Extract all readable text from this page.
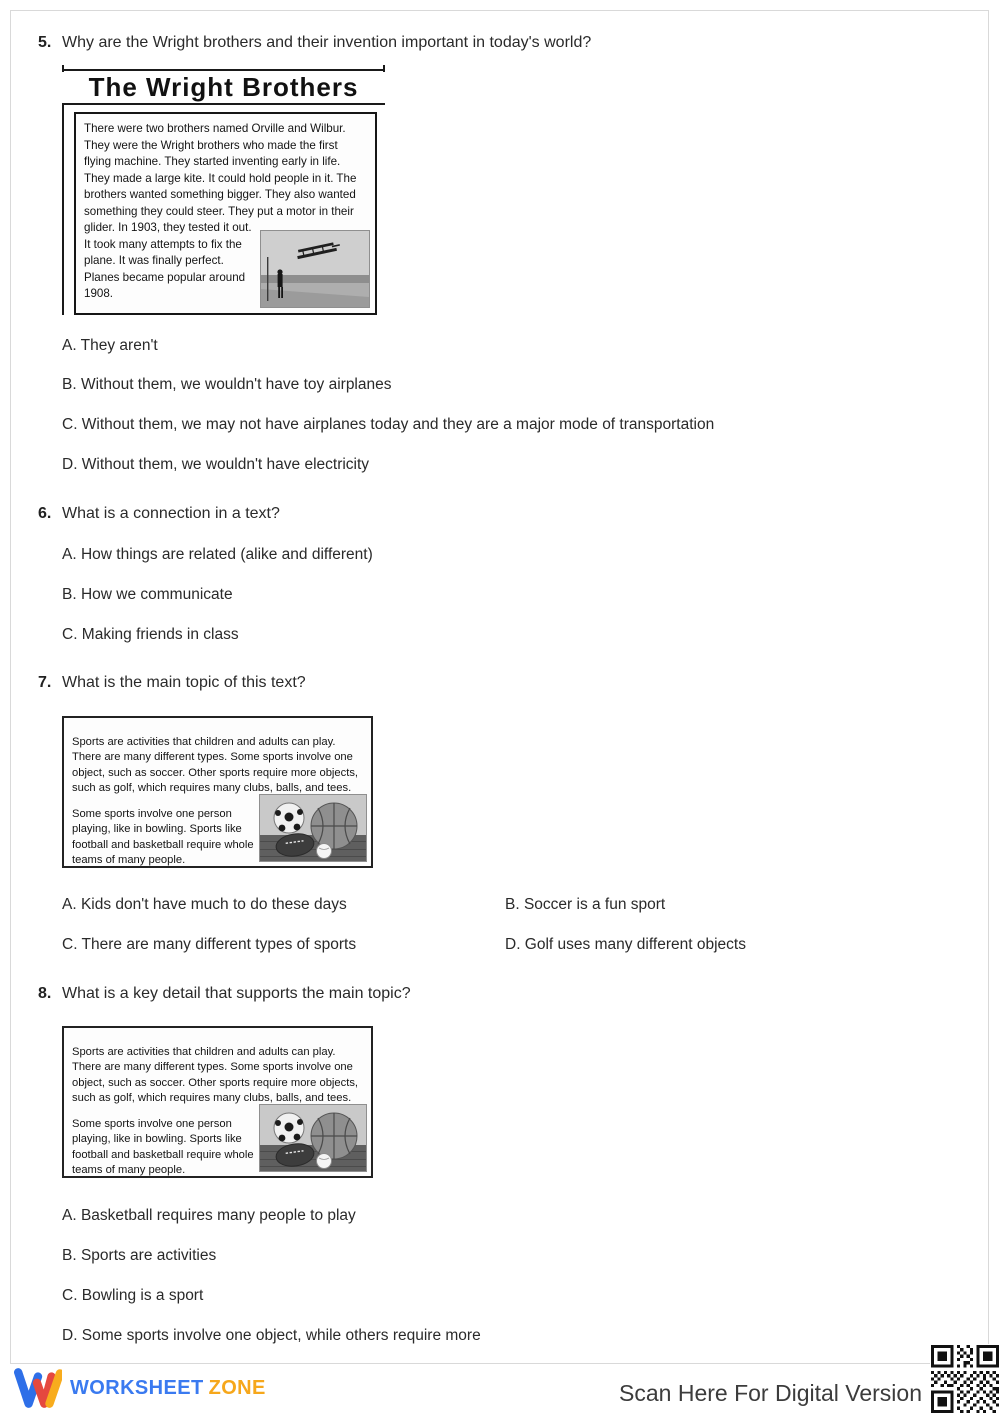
5. Why are the Wright brothers and their invention important in today's world?
The Wright Brothers

There were two brothers named Orville and Wilbur. They were the Wright brothers who made the first flying machine. They started inventing early in life. They made a large kite. It could hold people in it. The brothers wanted something bigger. They also wanted something they could steer. They put a motor in their

glider. In 1903, they tested it out. It took many attempts to fix the plane. It was finally perfect. Planes became popular around 1908.

A. They aren't
B. Without them, we wouldn't have toy airplanes
C. Without them, we may not have airplanes today and they are a major mode of transportation
D. Without them, we wouldn't have electricity
6. What is a connection in a text?
A. How things are related (alike and different)
B. How we communicate
C. Making friends in class
7. What is the main topic of this text?

Sports are activities that children and adults can play. There are many different types. Some sports involve one object, such as soccer. Other sports require more objects, such as golf, which requires many clubs, balls, and tees.

Some sports involve one person playing, like in bowling. Sports like football and basketball require whole teams of many people.

A. Kids don't have much to do these days	B. Soccer is a fun sport
C. There are many different types of sports	D. Golf uses many different objects
8. What is a key detail that supports the main topic?

Sports are activities that children and adults can play. There are many different types. Some sports involve one object, such as soccer. Other sports require more objects, such as golf, which requires many clubs, balls, and tees.

Some sports involve one person playing, like in bowling. Sports like football and basketball require whole teams of many people.

A. Basketball requires many people to play
B. Sports are activities
C. Bowling is a sport
D. Some sports involve one object, while others require more
WORKSHEET ZONE	Scan Here For Digital Version
